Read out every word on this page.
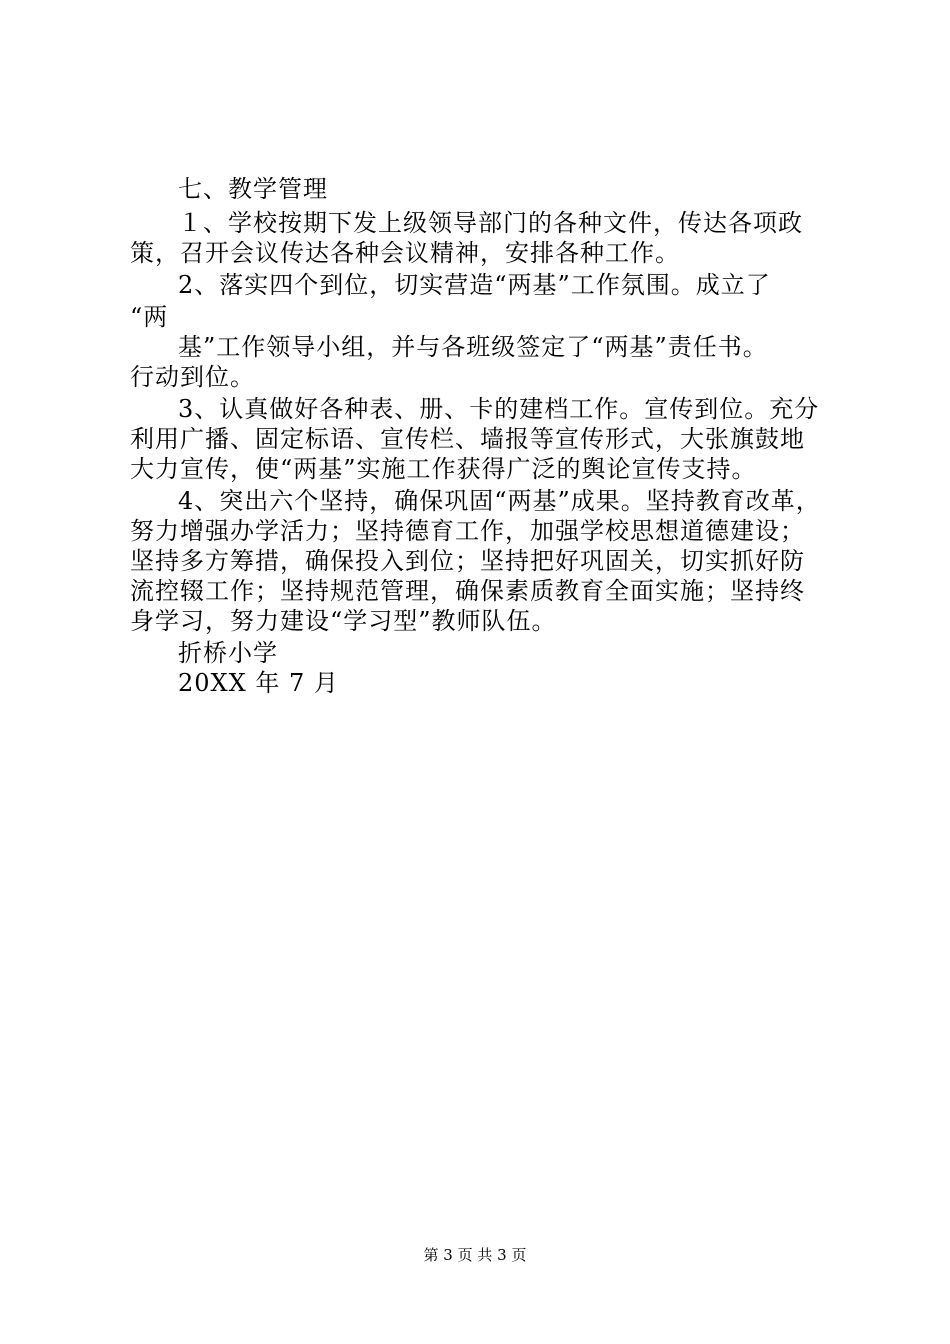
七、教学管理
１、学校按期下发上级领导部门的各种文件，传达各项政
策，召开会议传达各种会议精神，安排各种工作。
2、落实四个到位，切实营造“两基”工作氛围。成立了
“两
基”工作领导小组，并与各班级签定了“两基”责任书。
行动到位。
3、认真做好各种表、册、卡的建档工作。宣传到位。充分
利用广播、固定标语、宣传栏、墙报等宣传形式，大张旗鼓地
大力宣传，使“两基”实施工作获得广泛的舆论宣传支持。
4、突出六个坚持，确保巩固“两基”成果。坚持教育改革，
努力增强办学活力；坚持德育工作，加强学校思想道德建设；
坚持多方筹措，确保投入到位；坚持把好巩固关，切实抓好防
流控辍工作；坚持规范管理，确保素质教育全面实施；坚持终
身学习，努力建设“学习型”教师队伍。
折桥小学
20XX 年 7 月
第 3 页 共 3 页
